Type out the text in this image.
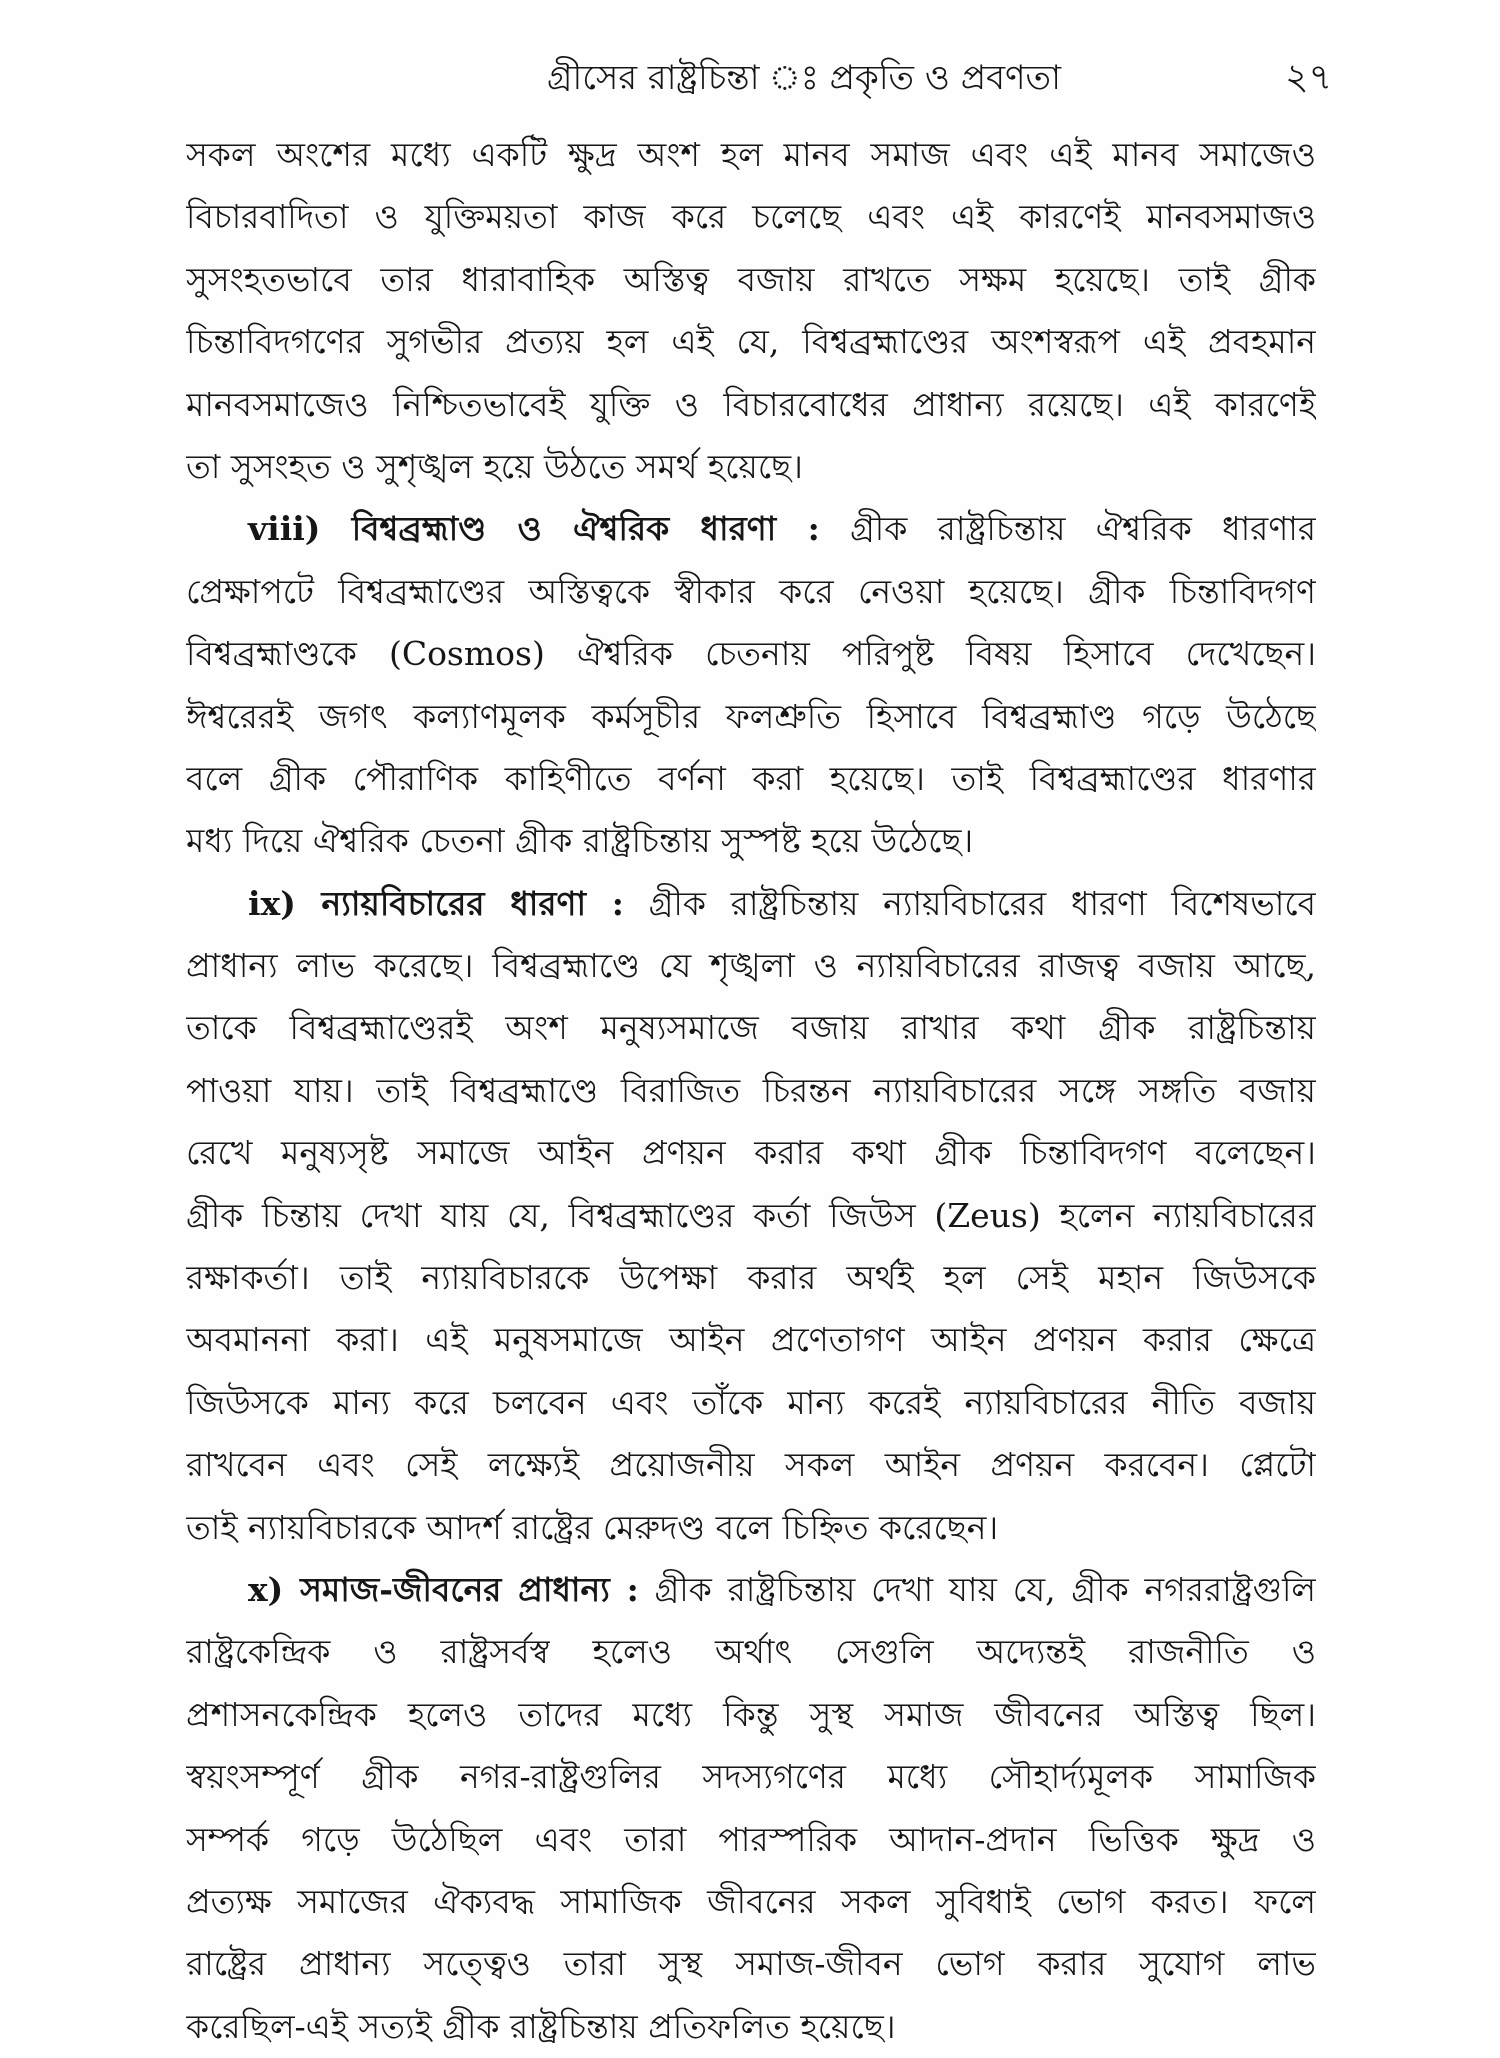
গ্রীসের রাষ্ট্রচিন্তা ঃ প্রকৃতি ও প্রবণতা	২৭
সকল অংশের মধ্যে একটি ক্ষুদ্র অংশ হল মানব সমাজ এবং এই মানব সমাজেও
বিচারবাদিতা ও যুক্তিময়তা কাজ করে চলেছে এবং এই কারণেই মানবসমাজও
সুসংহতভাবে তার ধারাবাহিক অস্তিত্ব বজায় রাখতে সক্ষম হয়েছে। তাই গ্রীক
চিন্তাবিদগণের সুগভীর প্রত্যয় হল এই যে, বিশ্বব্রহ্মাণ্ডের অংশস্বরূপ এই প্রবহমান
মানবসমাজেও নিশ্চিতভাবেই যুক্তি ও বিচারবোধের প্রাধান্য রয়েছে। এই কারণেই
তা সুসংহত ও সুশৃঙ্খল হয়ে উঠতে সমর্থ হয়েছে।
viii) বিশ্বব্রহ্মাণ্ড ও ঐশ্বরিক ধারণা : গ্রীক রাষ্ট্রচিন্তায় ঐশ্বরিক ধারণার
প্রেক্ষাপটে বিশ্বব্রহ্মাণ্ডের অস্তিত্বকে স্বীকার করে নেওয়া হয়েছে। গ্রীক চিন্তাবিদগণ
বিশ্বব্রহ্মাণ্ডকে (Cosmos) ঐশ্বরিক চেতনায় পরিপুষ্ট বিষয় হিসাবে দেখেছেন।
ঈশ্বরেরই জগৎ কল্যাণমূলক কর্মসূচীর ফলশ্রুতি হিসাবে বিশ্বব্রহ্মাণ্ড গড়ে উঠেছে
বলে গ্রীক পৌরাণিক কাহিণীতে বর্ণনা করা হয়েছে। তাই বিশ্বব্রহ্মাণ্ডের ধারণার
মধ্য দিয়ে ঐশ্বরিক চেতনা গ্রীক রাষ্ট্রচিন্তায় সুস্পষ্ট হয়ে উঠেছে।
ix) ন্যায়বিচারের ধারণা : গ্রীক রাষ্ট্রচিন্তায় ন্যায়বিচারের ধারণা বিশেষভাবে
প্রাধান্য লাভ করেছে। বিশ্বব্রহ্মাণ্ডে যে শৃঙ্খলা ও ন্যায়বিচারের রাজত্ব বজায় আছে,
তাকে বিশ্বব্রহ্মাণ্ডেরই অংশ মনুষ্যসমাজে বজায় রাখার কথা গ্রীক রাষ্ট্রচিন্তায়
পাওয়া যায়। তাই বিশ্বব্রহ্মাণ্ডে বিরাজিত চিরন্তন ন্যায়বিচারের সঙ্গে সঙ্গতি বজায়
রেখে মনুষ্যসৃষ্ট সমাজে আইন প্রণয়ন করার কথা গ্রীক চিন্তাবিদগণ বলেছেন।
গ্রীক চিন্তায় দেখা যায় যে, বিশ্বব্রহ্মাণ্ডের কর্তা জিউস (Zeus) হলেন ন্যায়বিচারের
রক্ষাকর্তা। তাই ন্যায়বিচারকে উপেক্ষা করার অর্থই হল সেই মহান জিউসকে
অবমাননা করা। এই মনুষসমাজে আইন প্রণেতাগণ আইন প্রণয়ন করার ক্ষেত্রে
জিউসকে মান্য করে চলবেন এবং তাঁকে মান্য করেই ন্যায়বিচারের নীতি বজায়
রাখবেন এবং সেই লক্ষ্যেই প্রয়োজনীয় সকল আইন প্রণয়ন করবেন। প্লেটো
তাই ন্যায়বিচারকে আদর্শ রাষ্ট্রের মেরুদণ্ড বলে চিহ্নিত করেছেন।
x) সমাজ-জীবনের প্রাধান্য : গ্রীক রাষ্ট্রচিন্তায় দেখা যায় যে, গ্রীক নগররাষ্ট্রগুলি
রাষ্ট্রকেন্দ্রিক ও রাষ্ট্রসর্বস্ব হলেও অর্থাৎ সেগুলি অদ্যেন্তই রাজনীতি ও
প্রশাসনকেন্দ্রিক হলেও তাদের মধ্যে কিন্তু সুস্থ সমাজ জীবনের অস্তিত্ব ছিল।
স্বয়ংসম্পূর্ণ গ্রীক নগর-রাষ্ট্রগুলির সদস্যগণের মধ্যে সৌহার্দ্যমূলক সামাজিক
সম্পর্ক গড়ে উঠেছিল এবং তারা পারস্পরিক আদান-প্রদান ভিত্তিক ক্ষুদ্র ও
প্রত্যক্ষ সমাজের ঐক্যবদ্ধ সামাজিক জীবনের সকল সুবিধাই ভোগ করত। ফলে
রাষ্ট্রের প্রাধান্য সত্ত্বেও তারা সুস্থ সমাজ-জীবন ভোগ করার সুযোগ লাভ
করেছিল-এই সত্যই গ্রীক রাষ্ট্রচিন্তায় প্রতিফলিত হয়েছে।
